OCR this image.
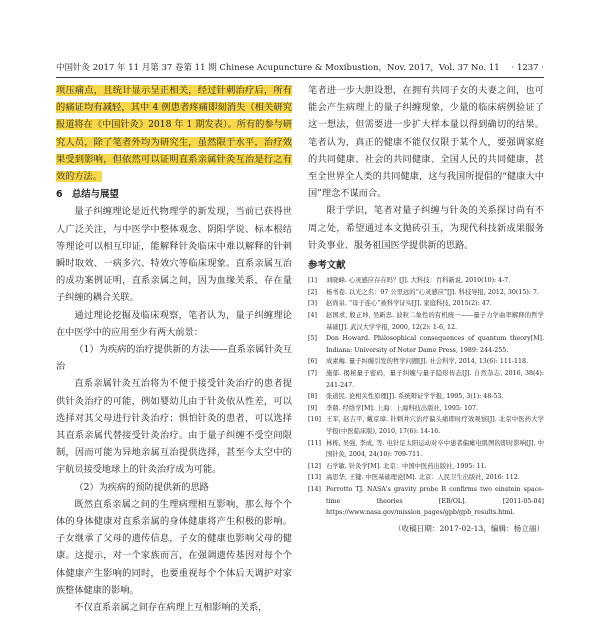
中国针灸 2017 年 11 月第 37 卷第 11 期 Chinese Acupuncture & Moxibustion，Nov. 2017，Vol. 37 No. 11 · 1237 ·

项压痛点，且统计显示呈正相关，经过针刺治疗后，所有的痛证均有减轻，其中 4 例患者疼痛即刻消失（相关研究报道将在《中国针灸》2018 年 1 期发表）。所有的参与研究人员，除了笔者外均为研究生，虽然限于水平，治疗效果受到影响，但依然可以证明直系亲属针灸互治是行之有效的方法。

6　总结与展望

量子纠缠理论是近代物理学的新发现，当前已获得世人广泛关注，与中医学中整体观念、阴阳学说、标本根结等理论可以相互印证，能解释针灸临床中难以解释的针刺瞬时取效、一病多穴、特效穴等临床现象。直系亲属互治的成功案例证明，直系亲属之间，因为血缘关系，存在量子纠缠的耦合关联。

通过理论挖掘及临床观察，笔者认为，量子纠缠理论在中医学中的应用至少有两大前景：

（1）为疾病的治疗提供新的方法——直系亲属针灸互治

直系亲属针灸互治将为不便于接受针灸治疗的患者提供针灸治疗的可能，例如婴幼儿由于针灸依从性差，可以选择对其父母进行针灸治疗；惧怕针灸的患者，可以选择其直系亲属代替接受针灸治疗。由于量子纠缠不受空间限制，因而可能为异地亲属互治提供选择，甚至今太空中的宇航员接受地球上的针灸治疗成为可能。

（2）为疾病的预防提供新的思路

既然直系亲属之间的生理病理相互影响，那么每个个体的身体健康对直系亲属的身体健康将产生积极的影响。子女继承了父母的遗传信息，子女的健康也影响父母的健康。这提示，对一个家族而言，在强调遗传基因对每个个体健康产生影响的同时，也要重视每个个体后天调护对家族整体健康的影响。

不仅直系亲属之间存在病理上互相影响的关系，

笔者进一步大胆设想，在拥有共同子女的夫妻之间，也可能会产生病理上的量子纠缠现象，少量的临床病例验证了这一想法，但需要进一步扩大样本量以得到确切的结果。笔者认为，真正的健康不能仅仅限于某个人，要强调家庭的共同健康、社会的共同健康、全国人民的共同健康，甚至全世界全人类的共同健康，这与我国所提倡的“健康大中国”理念不谋而合。

限于学识，笔者对量子纠缠与针灸的关系探讨尚有不周之处，希望通过本文抛砖引玉，为现代科技新成果服务针灸事业、服务祖国医学提供新的思路。

参考文献
[1]	刘晓峰. 心灵感应存在吗？[J]. 大科技：百科新说, 2010(10): 4-7.
[2]	杨书卷. 以光之名：97 公里远的“心灵感应”[J]. 科技导报, 2012, 30(15): 7.
[3]	赵尚泉. “母子连心”被科学证实[J]. 家庭科技, 2015(2): 47.
[4]	赵国求, 殷正坤, 吴新忠. 波粒二象性的有机统一——量子力学曲率解释的哲学基础[J]. 武汉大学学报, 2000, 12(2): 1-6, 12.
[5]	Don Howard. Philosophical consequences of quantum theory[M]. Indiana: University of Noter Dame Press, 1989: 244-255.
[6]	成素梅. 量子纠缠引发的哲学问题[J]. 社会科学, 2014, 13(6): 111-118.
[7]	施郁. 揭秘量子密码，量子纠缠与量子隐形传态[J]. 自然杂志, 2016, 38(4): 241-247.
[8]	张道民. 论相关性原理[J]. 系统辩证学学报, 1995, 3(1): 48-53.
[9]	李鼎. 经络学[M]. 上海：上海科技出版社, 1995: 107.
[10] 王军, 赵吉平, 戴京璋. 针刺井穴治疗偏头痛即时疗效观察[J]. 北京中医药大学学报(中医临床版), 2010, 17(6): 14-16.
[11] 林栋, 吴强, 李成, 等. 电针足太阳运动对卒中患者偏瘫电肌图的即时影响[J]. 中国针灸, 2004, 24(10): 709-711.
[12] 石学敏. 针灸学[M]. 北京：中国中医药出版社, 1995: 11.
[13] 高思华, 王键. 中医基础理论[M]. 北京：人民卫生出版社, 2016: 112.
[14] Perrotto TJ. NASA's gravity probe B confirms two einstein space-time theories [EB/OL]. [2011-05-04] https://www.nasa.gov/mission_pages/gpb/gpb_results.html.
（收稿日期：2017-02-13，编辑：杨立丽）
